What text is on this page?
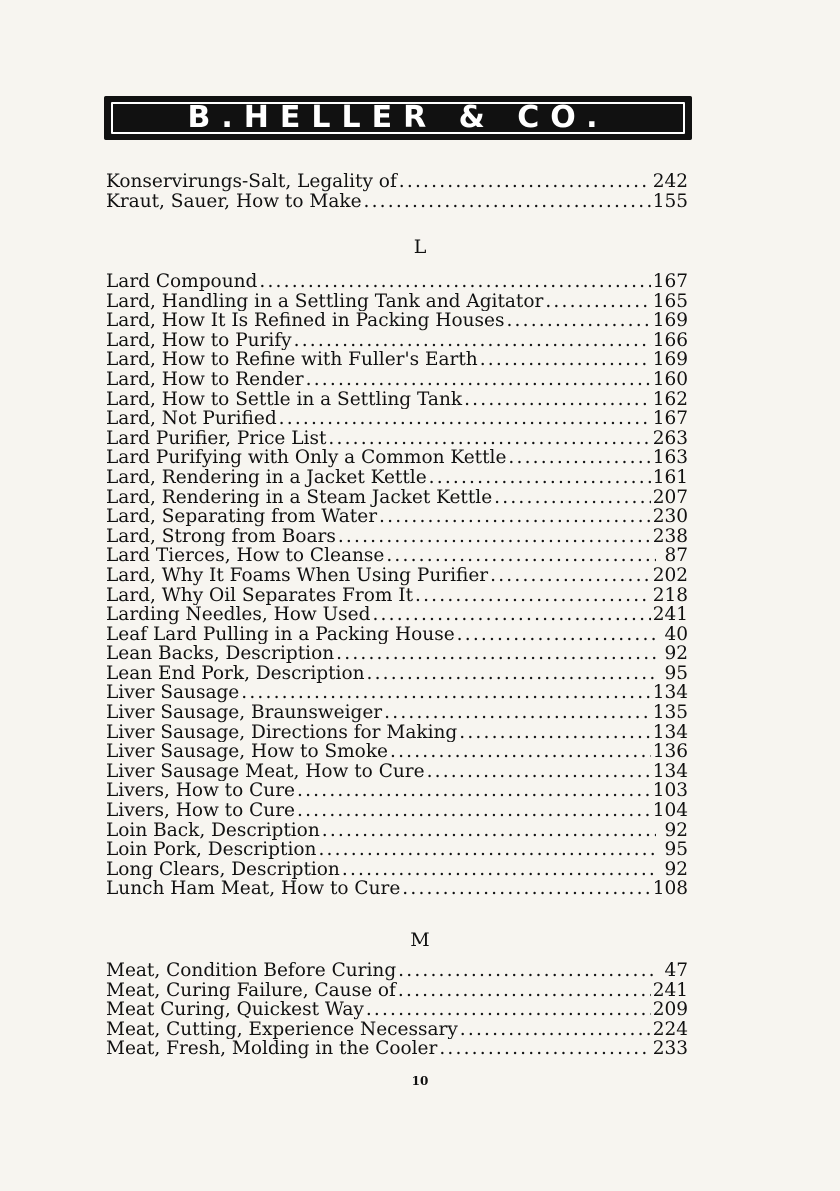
B.HELLER & CO.
Konservirungs-Salt, Legality of .....	242
Kraut, Sauer, How to Make .....	155
L
Lard Compound .....	167
Lard, Handling in a Settling Tank and Agitator .....	165
Lard, How It Is Refined in Packing Houses .....	169
Lard, How to Purify .....	166
Lard, How to Refine with Fuller's Earth .....	169
Lard, How to Render .....	160
Lard, How to Settle in a Settling Tank .....	162
Lard, Not Purified .....	167
Lard Purifier, Price List .....	263
Lard Purifying with Only a Common Kettle .....	163
Lard, Rendering in a Jacket Kettle .....	161
Lard, Rendering in a Steam Jacket Kettle .....	207
Lard, Separating from Water .....	230
Lard, Strong from Boars .....	238
Lard Tierces, How to Cleanse .....	87
Lard, Why It Foams When Using Purifier .....	202
Lard, Why Oil Separates From It .....	218
Larding Needles, How Used .....	241
Leaf Lard Pulling in a Packing House .....	40
Lean Backs, Description .....	92
Lean End Pork, Description .....	95
Liver Sausage .....	134
Liver Sausage, Braunsweiger .....	135
Liver Sausage, Directions for Making .....	134
Liver Sausage, How to Smoke .....	136
Liver Sausage Meat, How to Cure .....	134
Livers, How to Cure .....	103
Livers, How to Cure .....	104
Loin Back, Description .....	92
Loin Pork, Description .....	95
Long Clears, Description .....	92
Lunch Ham Meat, How to Cure .....	108
M
Meat, Condition Before Curing .....	47
Meat, Curing Failure, Cause of .....	241
Meat Curing, Quickest Way .....	209
Meat, Cutting, Experience Necessary .....	224
Meat, Fresh, Molding in the Cooler .....	233
10
